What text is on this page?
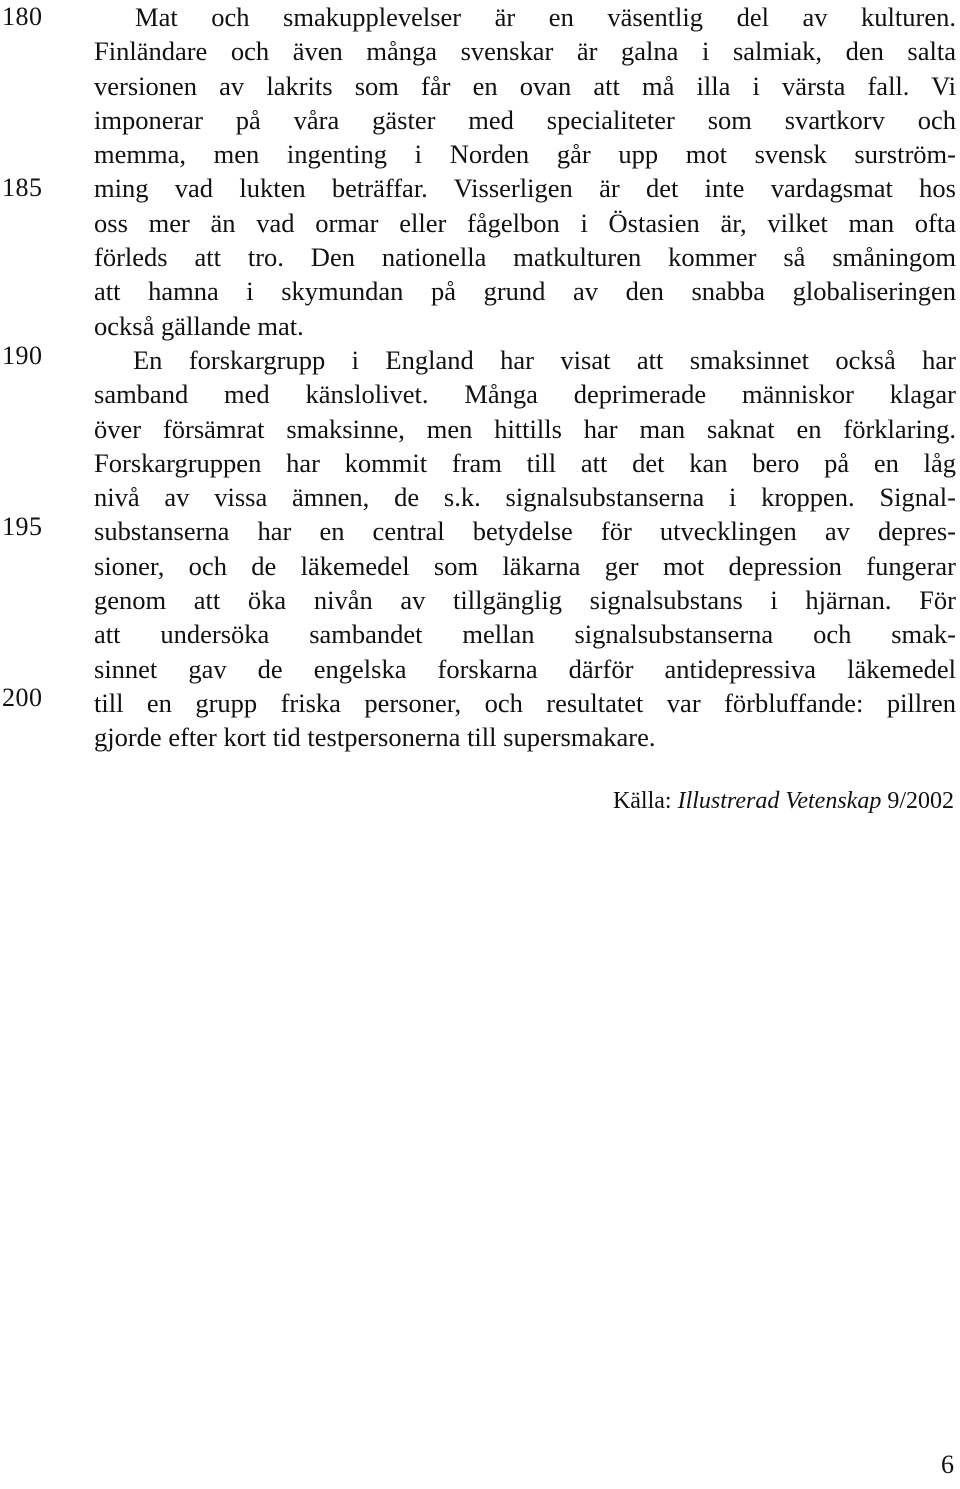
180
185
190
195
200
Mat och smakupplevelser är en väsentlig del av kulturen.
Finländare och även många svenskar är galna i salmiak, den salta
versionen av lakrits som får en ovan att må illa i värsta fall. Vi
imponerar på våra gäster med specialiteter som svartkorv och
memma, men ingenting i Norden går upp mot svensk surström-
ming vad lukten beträffar. Visserligen är det inte vardagsmat hos
oss mer än vad ormar eller fågelbon i Östasien är, vilket man ofta
förleds att tro. Den nationella matkulturen kommer så småningom
att hamna i skymundan på grund av den snabba globaliseringen
också gällande mat.
En forskargrupp i England har visat att smaksinnet också har
samband med känslolivet. Många deprimerade människor klagar
över försämrat smaksinne, men hittills har man saknat en förklaring.
Forskargruppen har kommit fram till att det kan bero på en låg
nivå av vissa ämnen, de s.k. signalsubstanserna i kroppen. Signal-
substanserna har en central betydelse för utvecklingen av depres-
sioner, och de läkemedel som läkarna ger mot depression fungerar
genom att öka nivån av tillgänglig signalsubstans i hjärnan. För
att undersöka sambandet mellan signalsubstanserna och smak-
sinnet gav de engelska forskarna därför antidepressiva läkemedel
till en grupp friska personer, och resultatet var förbluffande: pillren
gjorde efter kort tid testpersonerna till supersmakare.
Källa: Illustrerad Vetenskap 9/2002
6
